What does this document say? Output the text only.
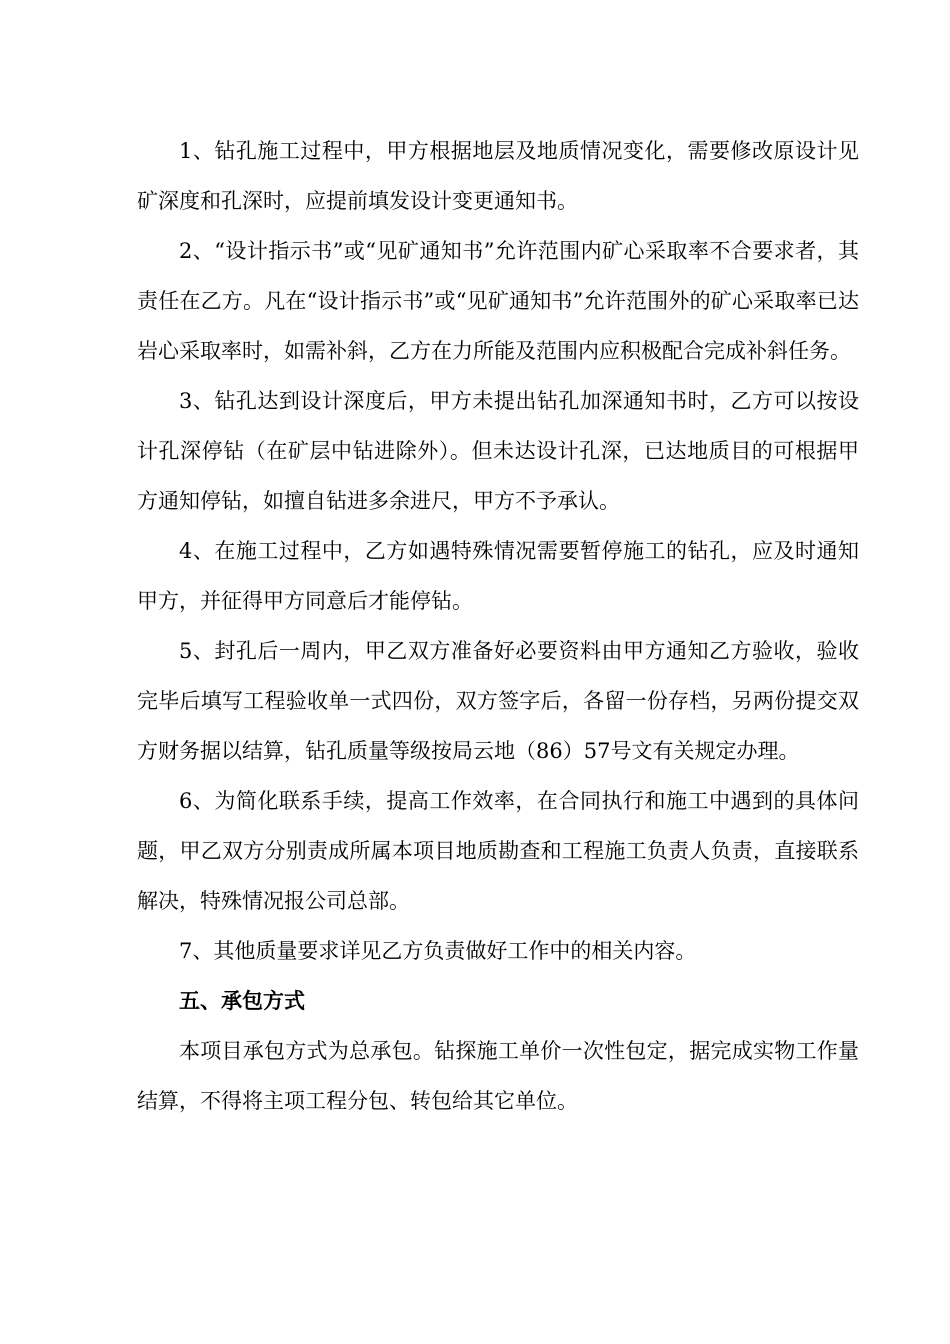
1、钻孔施工过程中，甲方根据地层及地质情况变化，需要修改原设计见矿深度和孔深时，应提前填发设计变更通知书。

2、“设计指示书”或“见矿通知书”允许范围内矿心采取率不合要求者，其责任在乙方。凡在“设计指示书”或“见矿通知书”允许范围外的矿心采取率已达岩心采取率时，如需补斜，乙方在力所能及范围内应积极配合完成补斜任务。

3、钻孔达到设计深度后，甲方未提出钻孔加深通知书时，乙方可以按设计孔深停钻（在矿层中钻进除外）。但未达设计孔深，已达地质目的可根据甲方通知停钻，如擅自钻进多余进尺，甲方不予承认。

4、在施工过程中，乙方如遇特殊情况需要暂停施工的钻孔，应及时通知甲方，并征得甲方同意后才能停钻。

5、封孔后一周内，甲乙双方准备好必要资料由甲方通知乙方验收，验收完毕后填写工程验收单一式四份，双方签字后，各留一份存档，另两份提交双方财务据以结算，钻孔质量等级按局云地（86）57号文有关规定办理。

6、为简化联系手续，提高工作效率，在合同执行和施工中遇到的具体问题，甲乙双方分别责成所属本项目地质勘查和工程施工负责人负责，直接联系解决，特殊情况报公司总部。

7、其他质量要求详见乙方负责做好工作中的相关内容。

五、承包方式

本项目承包方式为总承包。钻探施工单价一次性包定，据完成实物工作量结算，不得将主项工程分包、转包给其它单位。
